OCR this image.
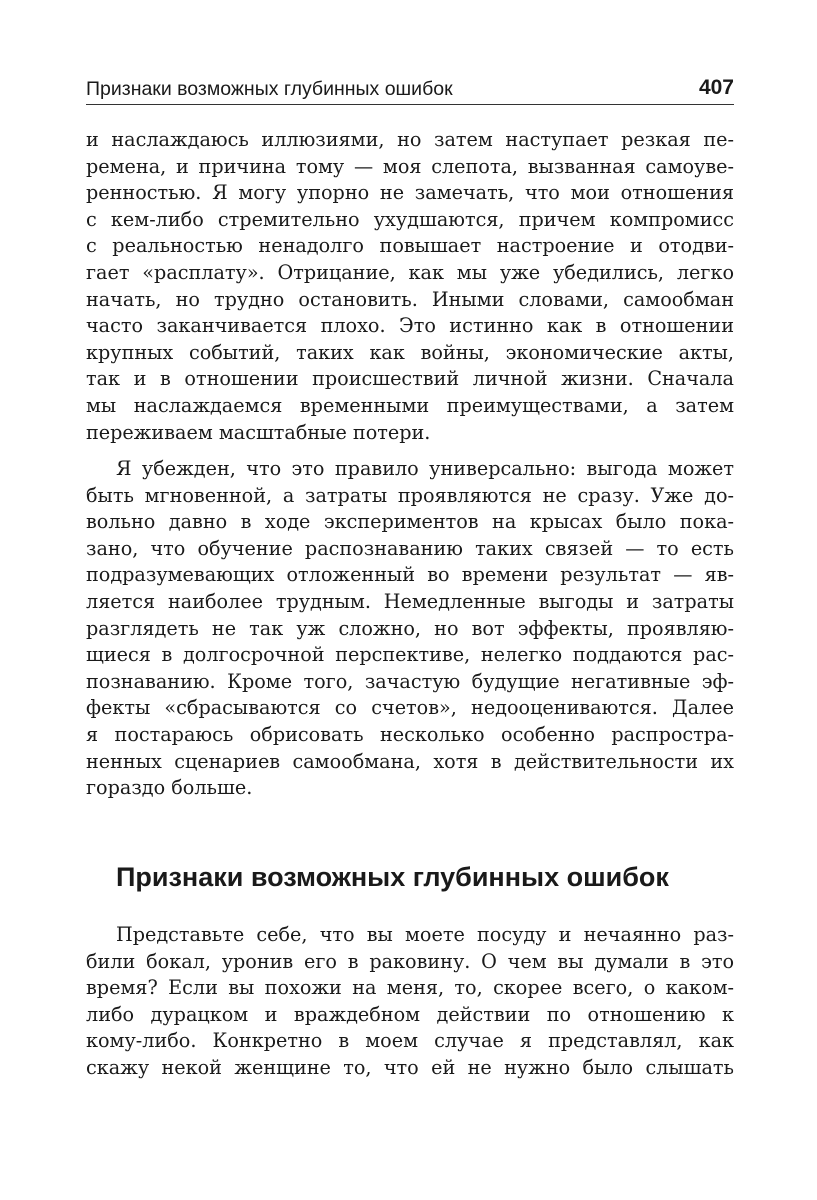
Признаки возможных глубинных ошибок	407
и наслаждаюсь иллюзиями, но затем наступает резкая пе-
ремена, и причина тому — моя слепота, вызванная самоуве-
ренностью. Я могу упорно не замечать, что мои отношения
с кем-либо стремительно ухудшаются, причем компромисс
с реальностью ненадолго повышает настроение и отодви-
гает «расплату». Отрицание, как мы уже убедились, легко
начать, но трудно остановить. Иными словами, самообман
часто заканчивается плохо. Это истинно как в отношении
крупных событий, таких как войны, экономические акты,
так и в отношении происшествий личной жизни. Сначала
мы наслаждаемся временными преимуществами, а затем
переживаем масштабные потери.
Я убежден, что это правило универсально: выгода может
быть мгновенной, а затраты проявляются не сразу. Уже до-
вольно давно в ходе экспериментов на крысах было пока-
зано, что обучение распознаванию таких связей — то есть
подразумевающих отложенный во времени результат — яв-
ляется наиболее трудным. Немедленные выгоды и затраты
разглядеть не так уж сложно, но вот эффекты, проявляю-
щиеся в долгосрочной перспективе, нелегко поддаются рас-
познаванию. Кроме того, зачастую будущие негативные эф-
фекты «сбрасываются со счетов», недооцениваются. Далее
я постараюсь обрисовать несколько особенно распростра-
ненных сценариев самообмана, хотя в действительности их
гораздо больше.
Признаки возможных глубинных ошибок
Представьте себе, что вы моете посуду и нечаянно раз-
били бокал, уронив его в раковину. О чем вы думали в это
время? Если вы похожи на меня, то, скорее всего, о каком-
либо дурацком и враждебном действии по отношению к
кому-либо. Конкретно в моем случае я представлял, как
скажу некой женщине то, что ей не нужно было слышать
